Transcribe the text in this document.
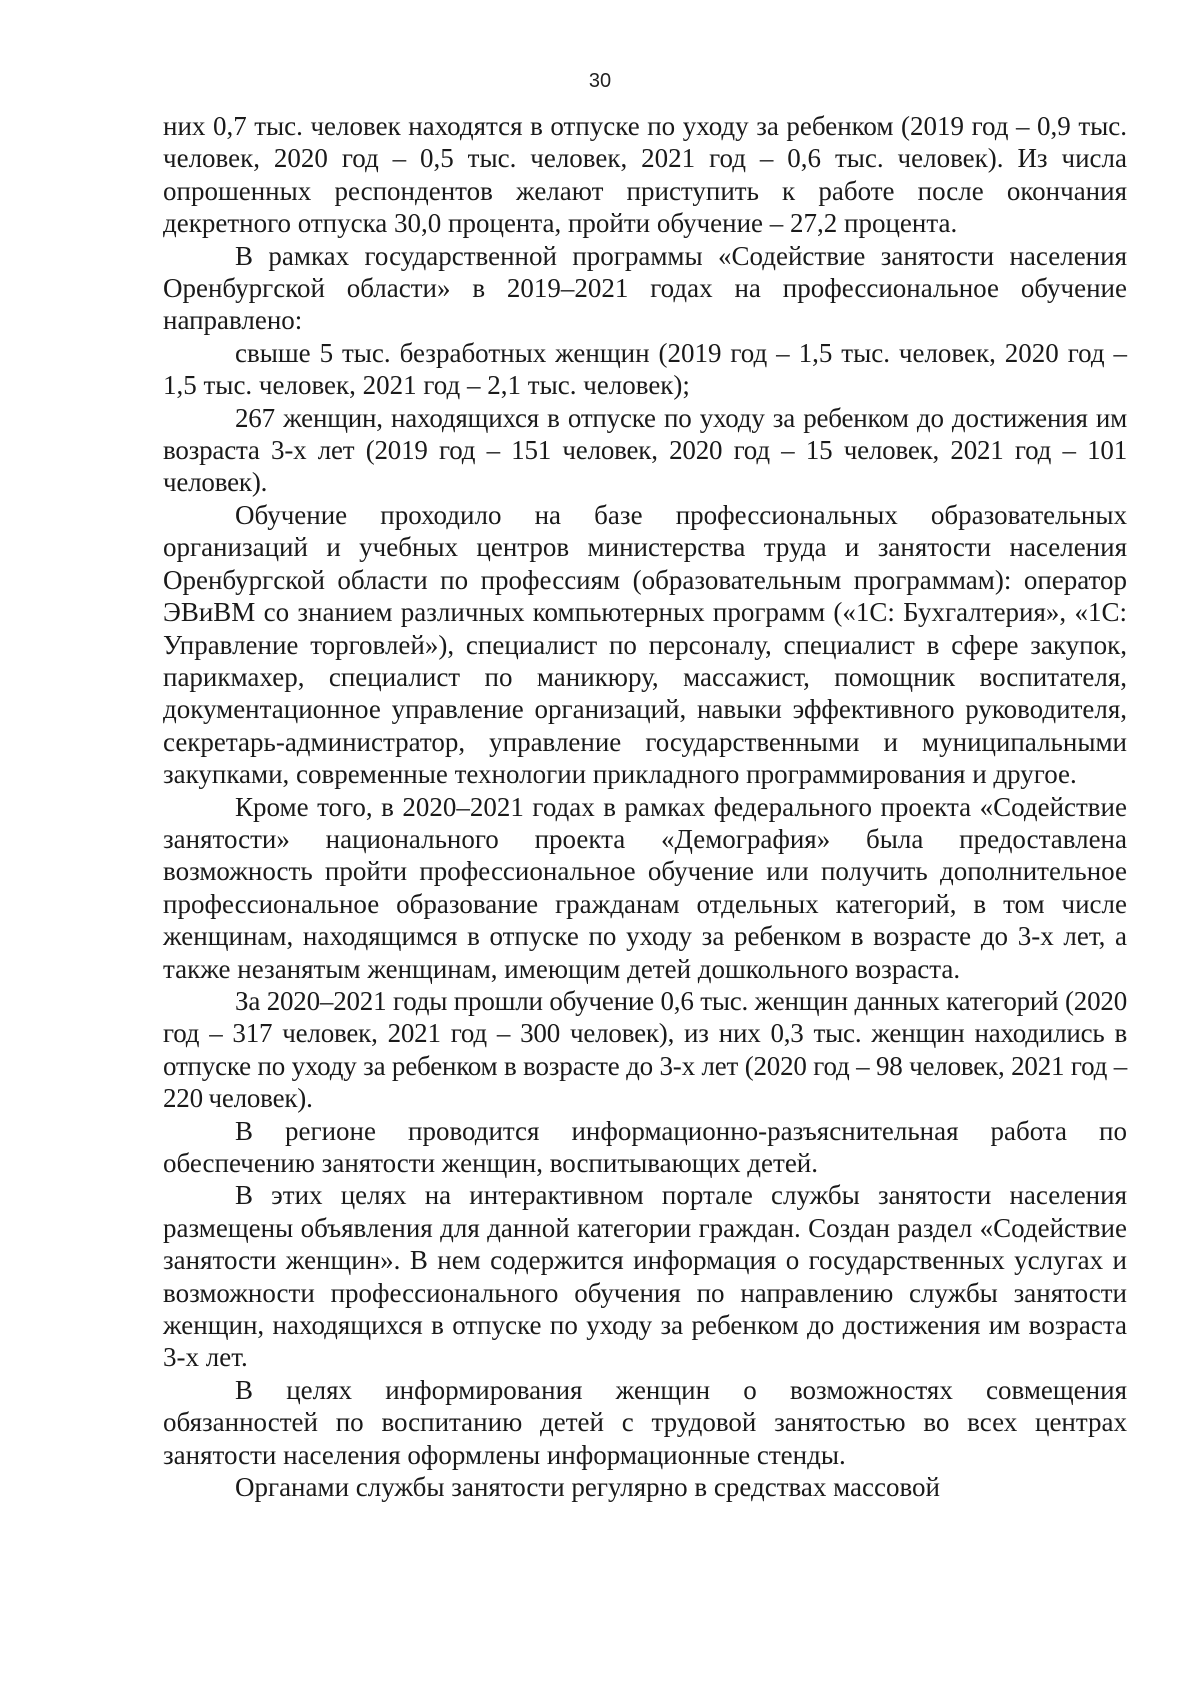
30

них 0,7 тыс. человек находятся в отпуске по уходу за ребенком (2019 год – 0,9 тыс. человек, 2020 год – 0,5 тыс. человек, 2021 год – 0,6 тыс. человек). Из числа опрошенных респондентов желают приступить к работе после окончания декретного отпуска 30,0 процента, пройти обучение – 27,2 процента.

В рамках государственной программы «Содействие занятости населения Оренбургской области» в 2019–2021 годах на профессиональное обучение направлено:

свыше 5 тыс. безработных женщин (2019 год – 1,5 тыс. человек, 2020 год – 1,5 тыс. человек, 2021 год – 2,1 тыс. человек);

267 женщин, находящихся в отпуске по уходу за ребенком до достижения им возраста 3-х лет (2019 год – 151 человек, 2020 год – 15 человек, 2021 год – 101 человек).

Обучение проходило на базе профессиональных образовательных организаций и учебных центров министерства труда и занятости населения Оренбургской области по профессиям (образовательным программам): оператор ЭВиВМ со знанием различных компьютерных программ («1С: Бухгалтерия», «1С: Управление торговлей»), специалист по персоналу, специалист в сфере закупок, парикмахер, специалист по маникюру, массажист, помощник воспитателя, документационное управление организаций, навыки эффективного руководителя, секретарь-администратор, управление государственными и муниципальными закупками, современные технологии прикладного программирования и другое.

Кроме того, в 2020–2021 годах в рамках федерального проекта «Содействие занятости» национального проекта «Демография» была предоставлена возможность пройти профессиональное обучение или получить дополнительное профессиональное образование гражданам отдельных категорий, в том числе женщинам, находящимся в отпуске по уходу за ребенком в возрасте до 3-х лет, а также незанятым женщинам, имеющим детей дошкольного возраста.

За 2020–2021 годы прошли обучение 0,6 тыс. женщин данных категорий (2020 год – 317 человек, 2021 год – 300 человек), из них 0,3 тыс. женщин находились в отпуске по уходу за ребенком в возрасте до 3-х лет (2020 год – 98 человек, 2021 год – 220 человек).

В регионе проводится информационно-разъяснительная работа по обеспечению занятости женщин, воспитывающих детей.

В этих целях на интерактивном портале службы занятости населения размещены объявления для данной категории граждан. Создан раздел «Содействие занятости женщин». В нем содержится информация о государственных услугах и возможности профессионального обучения по направлению службы занятости женщин, находящихся в отпуске по уходу за ребенком до достижения им возраста 3-х лет.

В целях информирования женщин о возможностях совмещения обязанностей по воспитанию детей с трудовой занятостью во всех центрах занятости населения оформлены информационные стенды.

Органами службы занятости регулярно в средствах массовой
